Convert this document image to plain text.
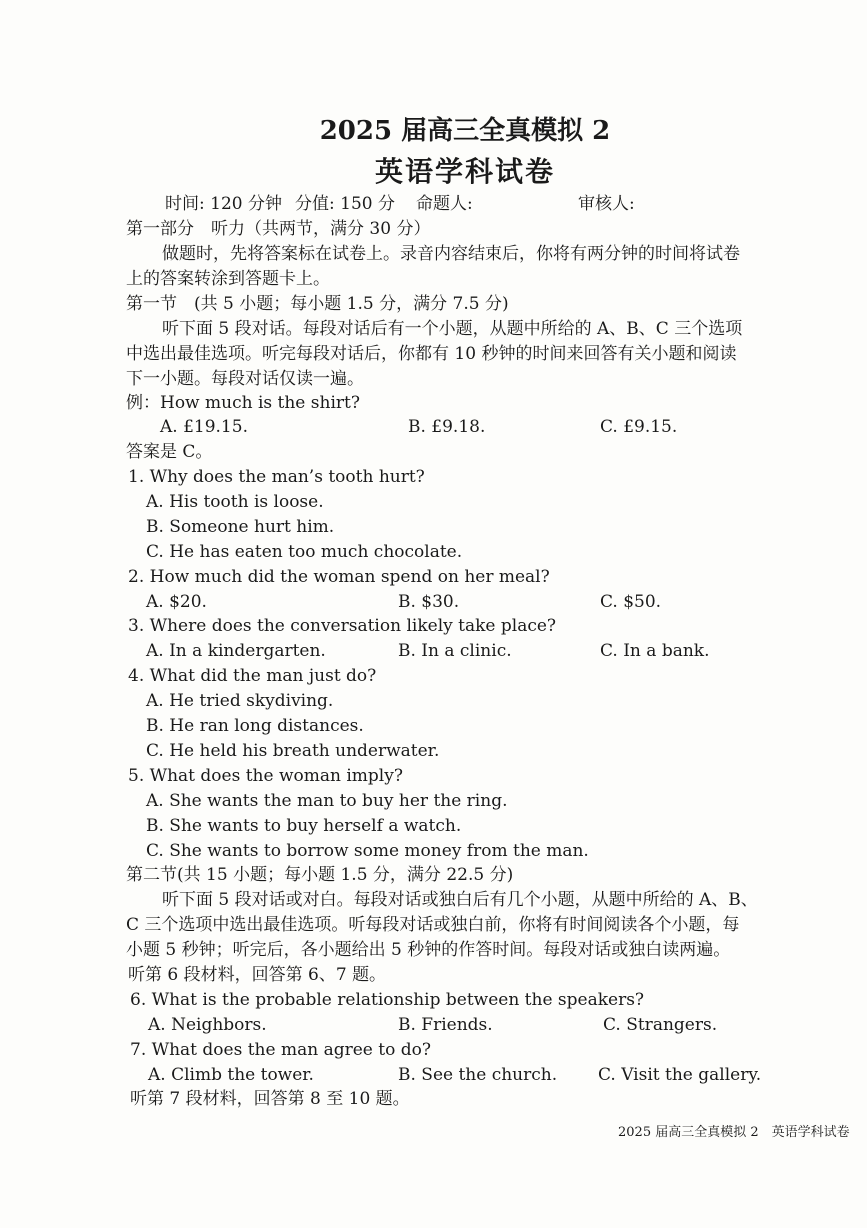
2025 届高三全真模拟 2
英语学科试卷
时间: 120 分钟 分值: 150 分 命题人:	审核人:
第一部分　听力（共两节，满分 30 分）
做题时，先将答案标在试卷上。录音内容结束后，你将有两分钟的时间将试卷
上的答案转涂到答题卡上。
第一节　(共 5 小题；每小题 1.5 分，满分 7.5 分)
听下面 5 段对话。每段对话后有一个小题，从题中所给的 A、B、C 三个选项
中选出最佳选项。听完每段对话后，你都有 10 秒钟的时间来回答有关小题和阅读
下一小题。每段对话仅读一遍。
例：How much is the shirt?
A. £19.15.	B. £9.18.	C. £9.15.
答案是 C。
1. Why does the man’s tooth hurt?
A. His tooth is loose.
B. Someone hurt him.
C. He has eaten too much chocolate.
2. How much did the woman spend on her meal?
A. $20.	B. $30.	C. $50.
3. Where does the conversation likely take place?
A. In a kindergarten.	B. In a clinic.	C. In a bank.
4. What did the man just do?
A. He tried skydiving.
B. He ran long distances.
C. He held his breath underwater.
5. What does the woman imply?
A. She wants the man to buy her the ring.
B. She wants to buy herself a watch.
C. She wants to borrow some money from the man.
第二节(共 15 小题；每小题 1.5 分，满分 22.5 分)
听下面 5 段对话或对白。每段对话或独白后有几个小题，从题中所给的 A、B、
C 三个选项中选出最佳选项。听每段对话或独白前，你将有时间阅读各个小题，每
小题 5 秒钟；听完后，各小题给出 5 秒钟的作答时间。每段对话或独白读两遍。
听第 6 段材料，回答第 6、7 题。
6. What is the probable relationship between the speakers?
A. Neighbors.	B. Friends.	C. Strangers.
7. What does the man agree to do?
A. Climb the tower.	B. See the church. C. Visit the gallery.
听第 7 段材料，回答第 8 至 10 题。
2025 届高三全真模拟 2　英语学科试卷
